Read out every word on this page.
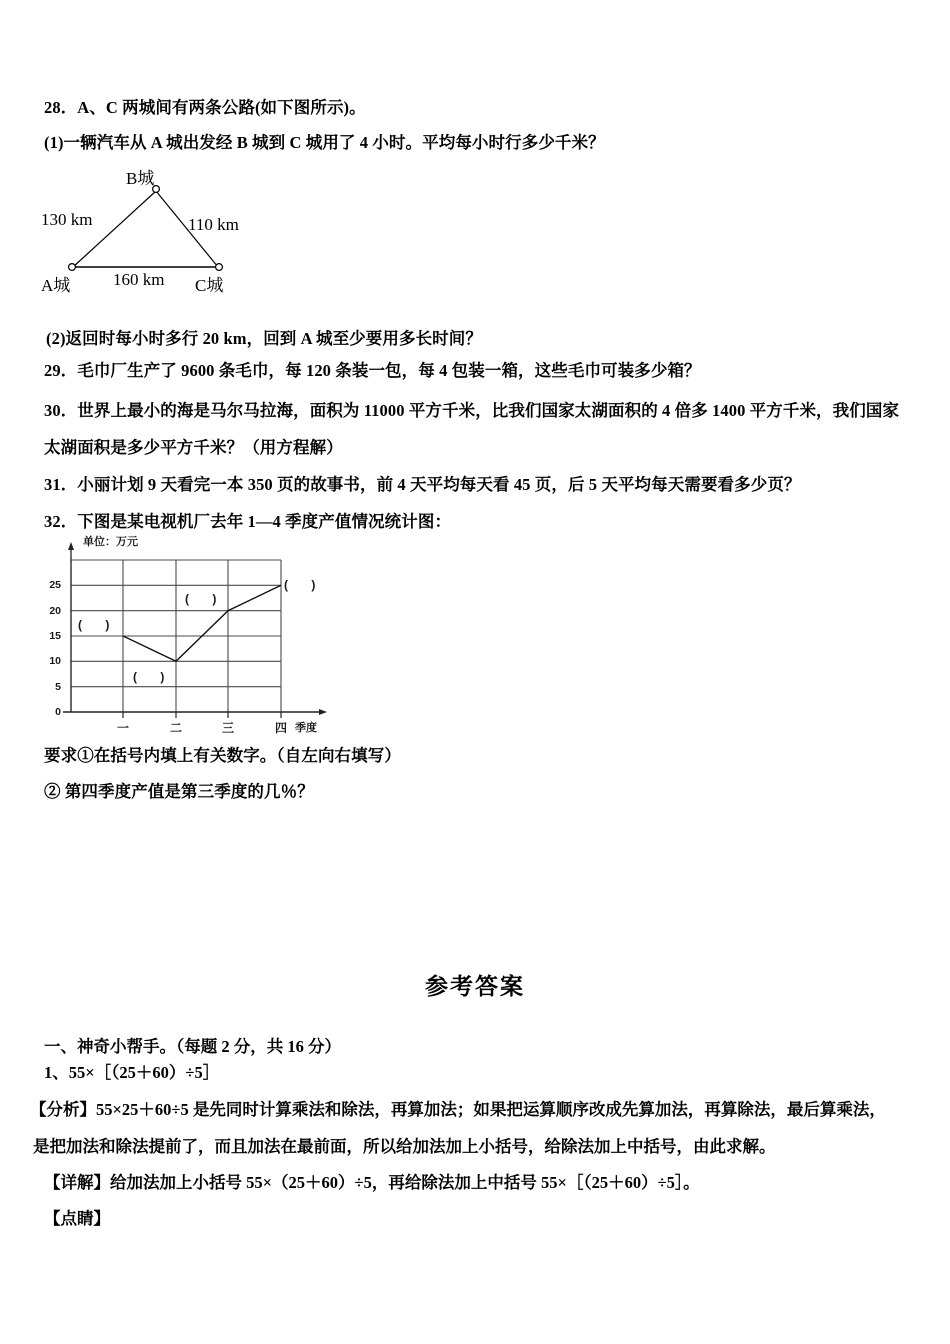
28．A、C 两城间有两条公路(如下图所示)。
(1)一辆汽车从 A 城出发经 B 城到 C 城用了 4 小时。平均每小时行多少千米？
B城
130 km	110 km
A城	160 km C城
(2)返回时每小时多行 20 km，回到 A 城至少要用多长时间？
29．毛巾厂生产了 9600 条毛巾，每 120 条装一包，每 4 包装一箱，这些毛巾可装多少箱？
30．世界上最小的海是马尔马拉海，面积为 11000 平方千米，比我们国家太湖面积的 4 倍多 1400 平方千米，我们国家
太湖面积是多少平方千米？（用方程解）
31．小丽计划 9 天看完一本 350 页的故事书，前 4 天平均每天看 45 页，后 5 天平均每天需要看多少页？
32．下图是某电视机厂去年 1—4 季度产值情况统计图：
单位：万元
0
5
10
15
20
25
一	二	三	四 季度
( )
( )
( )
( )
要求①在括号内填上有关数字。（自左向右填写）
② 第四季度产值是第三季度的几％？
参考答案
一、神奇小帮手。（每题 2 分，共 16 分）
1、55×［（25＋60）÷5］
【分析】55×25＋60÷5 是先同时计算乘法和除法，再算加法；如果把运算顺序改成先算加法，再算除法，最后算乘法，
是把加法和除法提前了，而且加法在最前面，所以给加法加上小括号，给除法加上中括号，由此求解。
【详解】给加法加上小括号 55×（25＋60）÷5，再给除法加上中括号 55×［（25＋60）÷5］。
【点睛】
